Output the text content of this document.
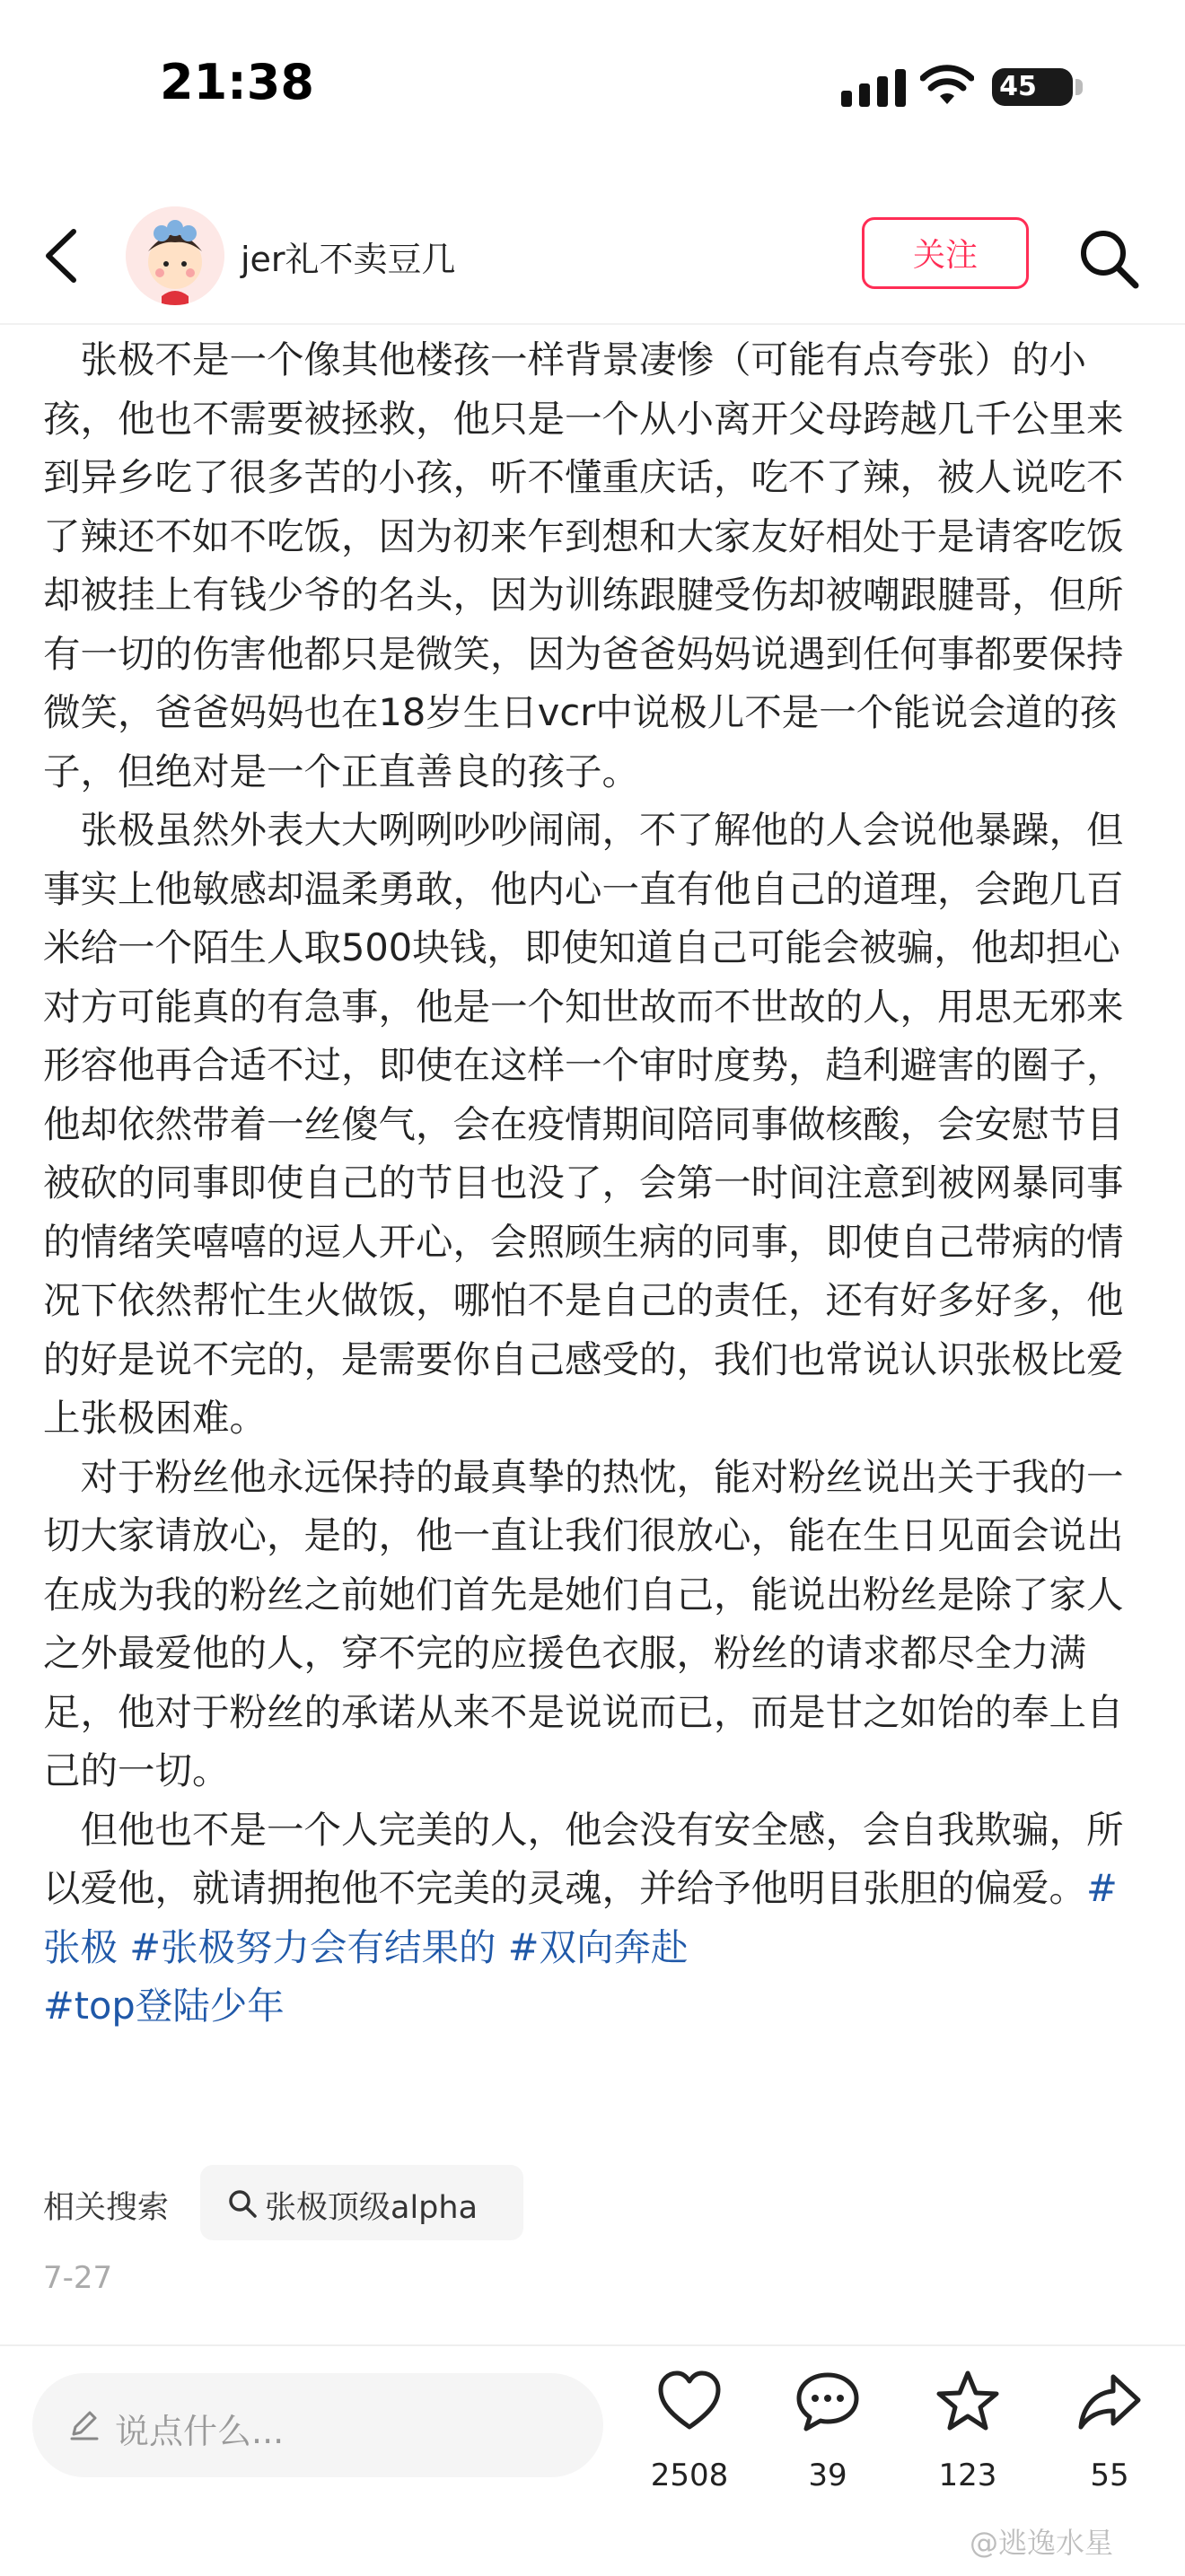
21:38	45
jer礼不卖豆几	关注

张极不是一个像其他楼孩一样背景凄惨（可能有点夸张）的小孩，他也不需要被拯救，他只是一个从小离开父母跨越几千公里来到异乡吃了很多苦的小孩，听不懂重庆话，吃不了辣，被人说吃不了辣还不如不吃饭，因为初来乍到想和大家友好相处于是请客吃饭却被挂上有钱少爷的名头，因为训练跟腱受伤却被嘲跟腱哥，但所有一切的伤害他都只是微笑，因为爸爸妈妈说遇到任何事都要保持微笑，爸爸妈妈也在18岁生日vcr中说极儿不是一个能说会道的孩子，但绝对是一个正直善良的孩子。

张极虽然外表大大咧咧吵吵闹闹，不了解他的人会说他暴躁，但事实上他敏感却温柔勇敢，他内心一直有他自己的道理，会跑几百米给一个陌生人取500块钱，即使知道自己可能会被骗，他却担心对方可能真的有急事，他是一个知世故而不世故的人，用思无邪来形容他再合适不过，即使在这样一个审时度势，趋利避害的圈子，他却依然带着一丝傻气，会在疫情期间陪同事做核酸，会安慰节目被砍的同事即使自己的节目也没了，会第一时间注意到被网暴同事的情绪笑嘻嘻的逗人开心，会照顾生病的同事，即使自己带病的情况下依然帮忙生火做饭，哪怕不是自己的责任，还有好多好多，他的好是说不完的，是需要你自己感受的，我们也常说认识张极比爱上张极困难。

对于粉丝他永远保持的最真挚的热忱，能对粉丝说出关于我的一切大家请放心，是的，他一直让我们很放心，能在生日见面会说出在成为我的粉丝之前她们首先是她们自己，能说出粉丝是除了家人之外最爱他的人，穿不完的应援色衣服，粉丝的请求都尽全力满足，他对于粉丝的承诺从来不是说说而已，而是甘之如饴的奉上自己的一切。

但他也不是一个人完美的人，他会没有安全感，会自我欺骗，所以爱他，就请拥抱他不完美的灵魂，并给予他明目张胆的偏爱。#张极 #张极努力会有结果的 #双向奔赴

#top登陆少年
相关搜索	张极顶级alpha
7-27
说点什么...
2508	39	123	55
@逃逸水星
